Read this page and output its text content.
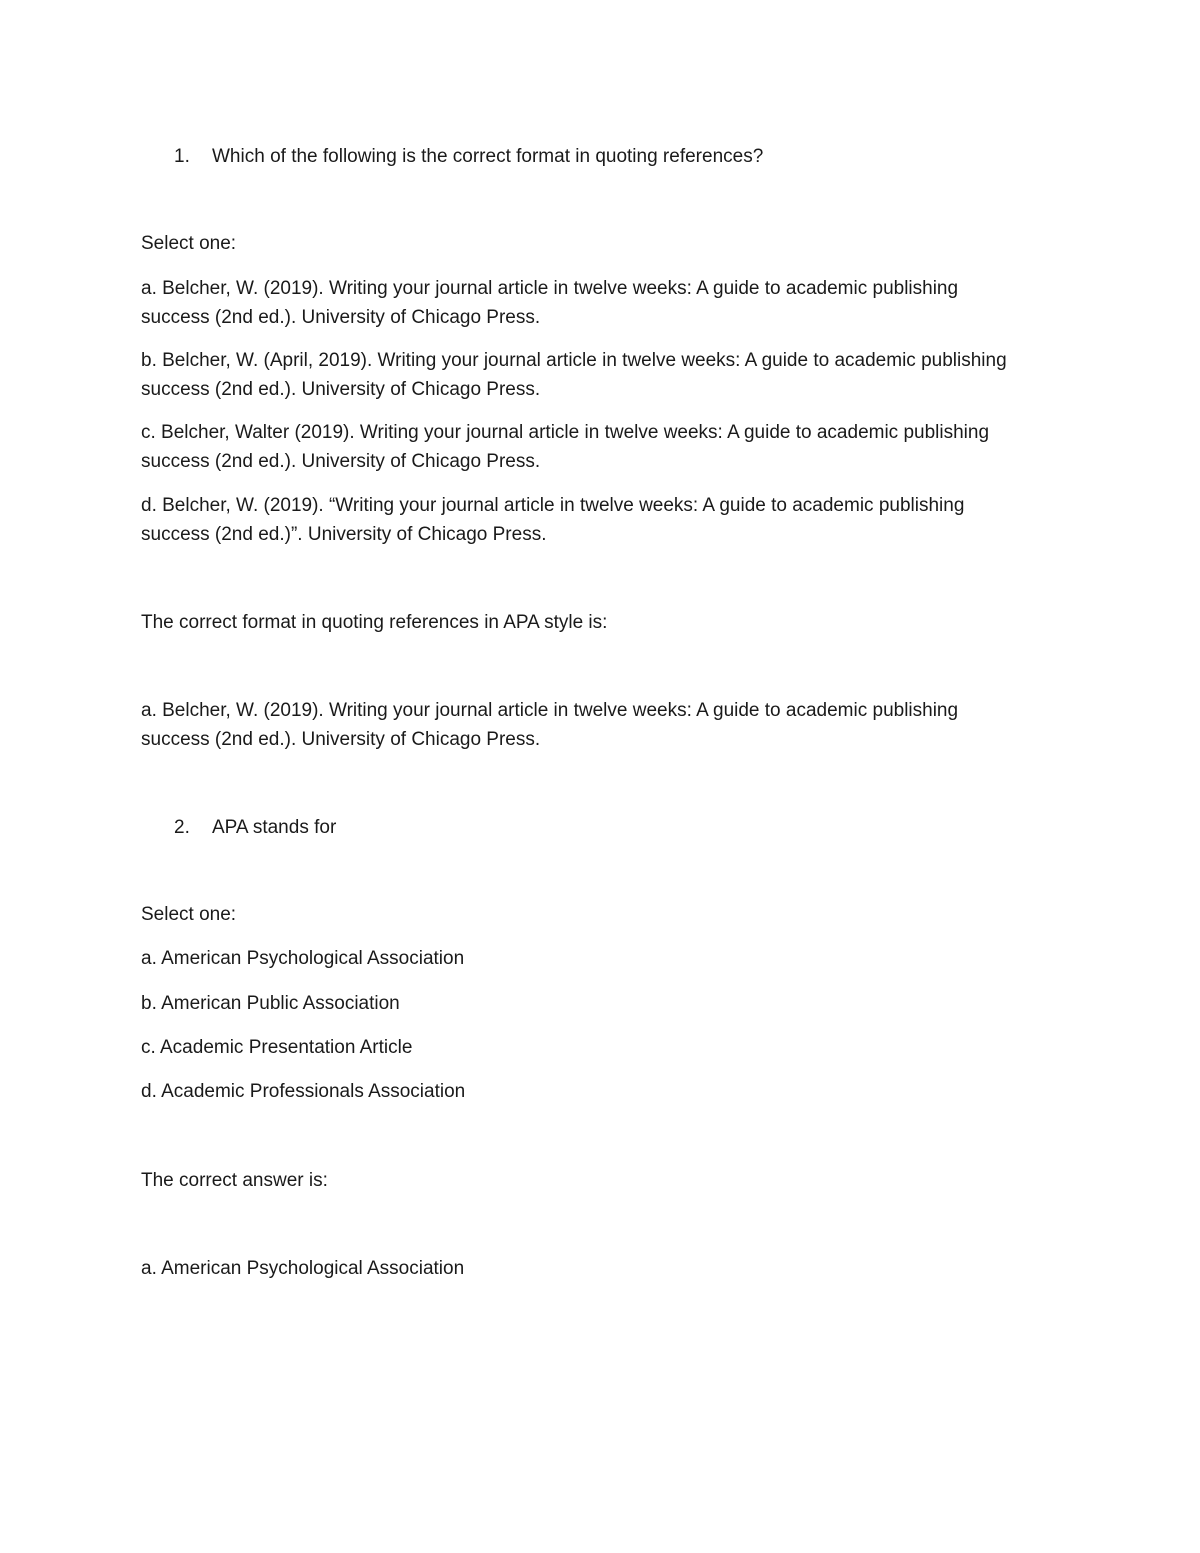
1. Which of the following is the correct format in quoting references?
Select one:
a. Belcher, W. (2019). Writing your journal article in twelve weeks: A guide to academic publishing
success (2nd ed.). University of Chicago Press.
b. Belcher, W. (April, 2019). Writing your journal article in twelve weeks: A guide to academic publishing
success (2nd ed.). University of Chicago Press.
c. Belcher, Walter (2019). Writing your journal article in twelve weeks: A guide to academic publishing
success (2nd ed.). University of Chicago Press.
d. Belcher, W. (2019). “Writing your journal article in twelve weeks: A guide to academic publishing
success (2nd ed.)”. University of Chicago Press.
The correct format in quoting references in APA style is:
a. Belcher, W. (2019). Writing your journal article in twelve weeks: A guide to academic publishing
success (2nd ed.). University of Chicago Press.
2. APA stands for
Select one:
a. American Psychological Association
b. American Public Association
c. Academic Presentation Article
d. Academic Professionals Association
The correct answer is:
a. American Psychological Association
